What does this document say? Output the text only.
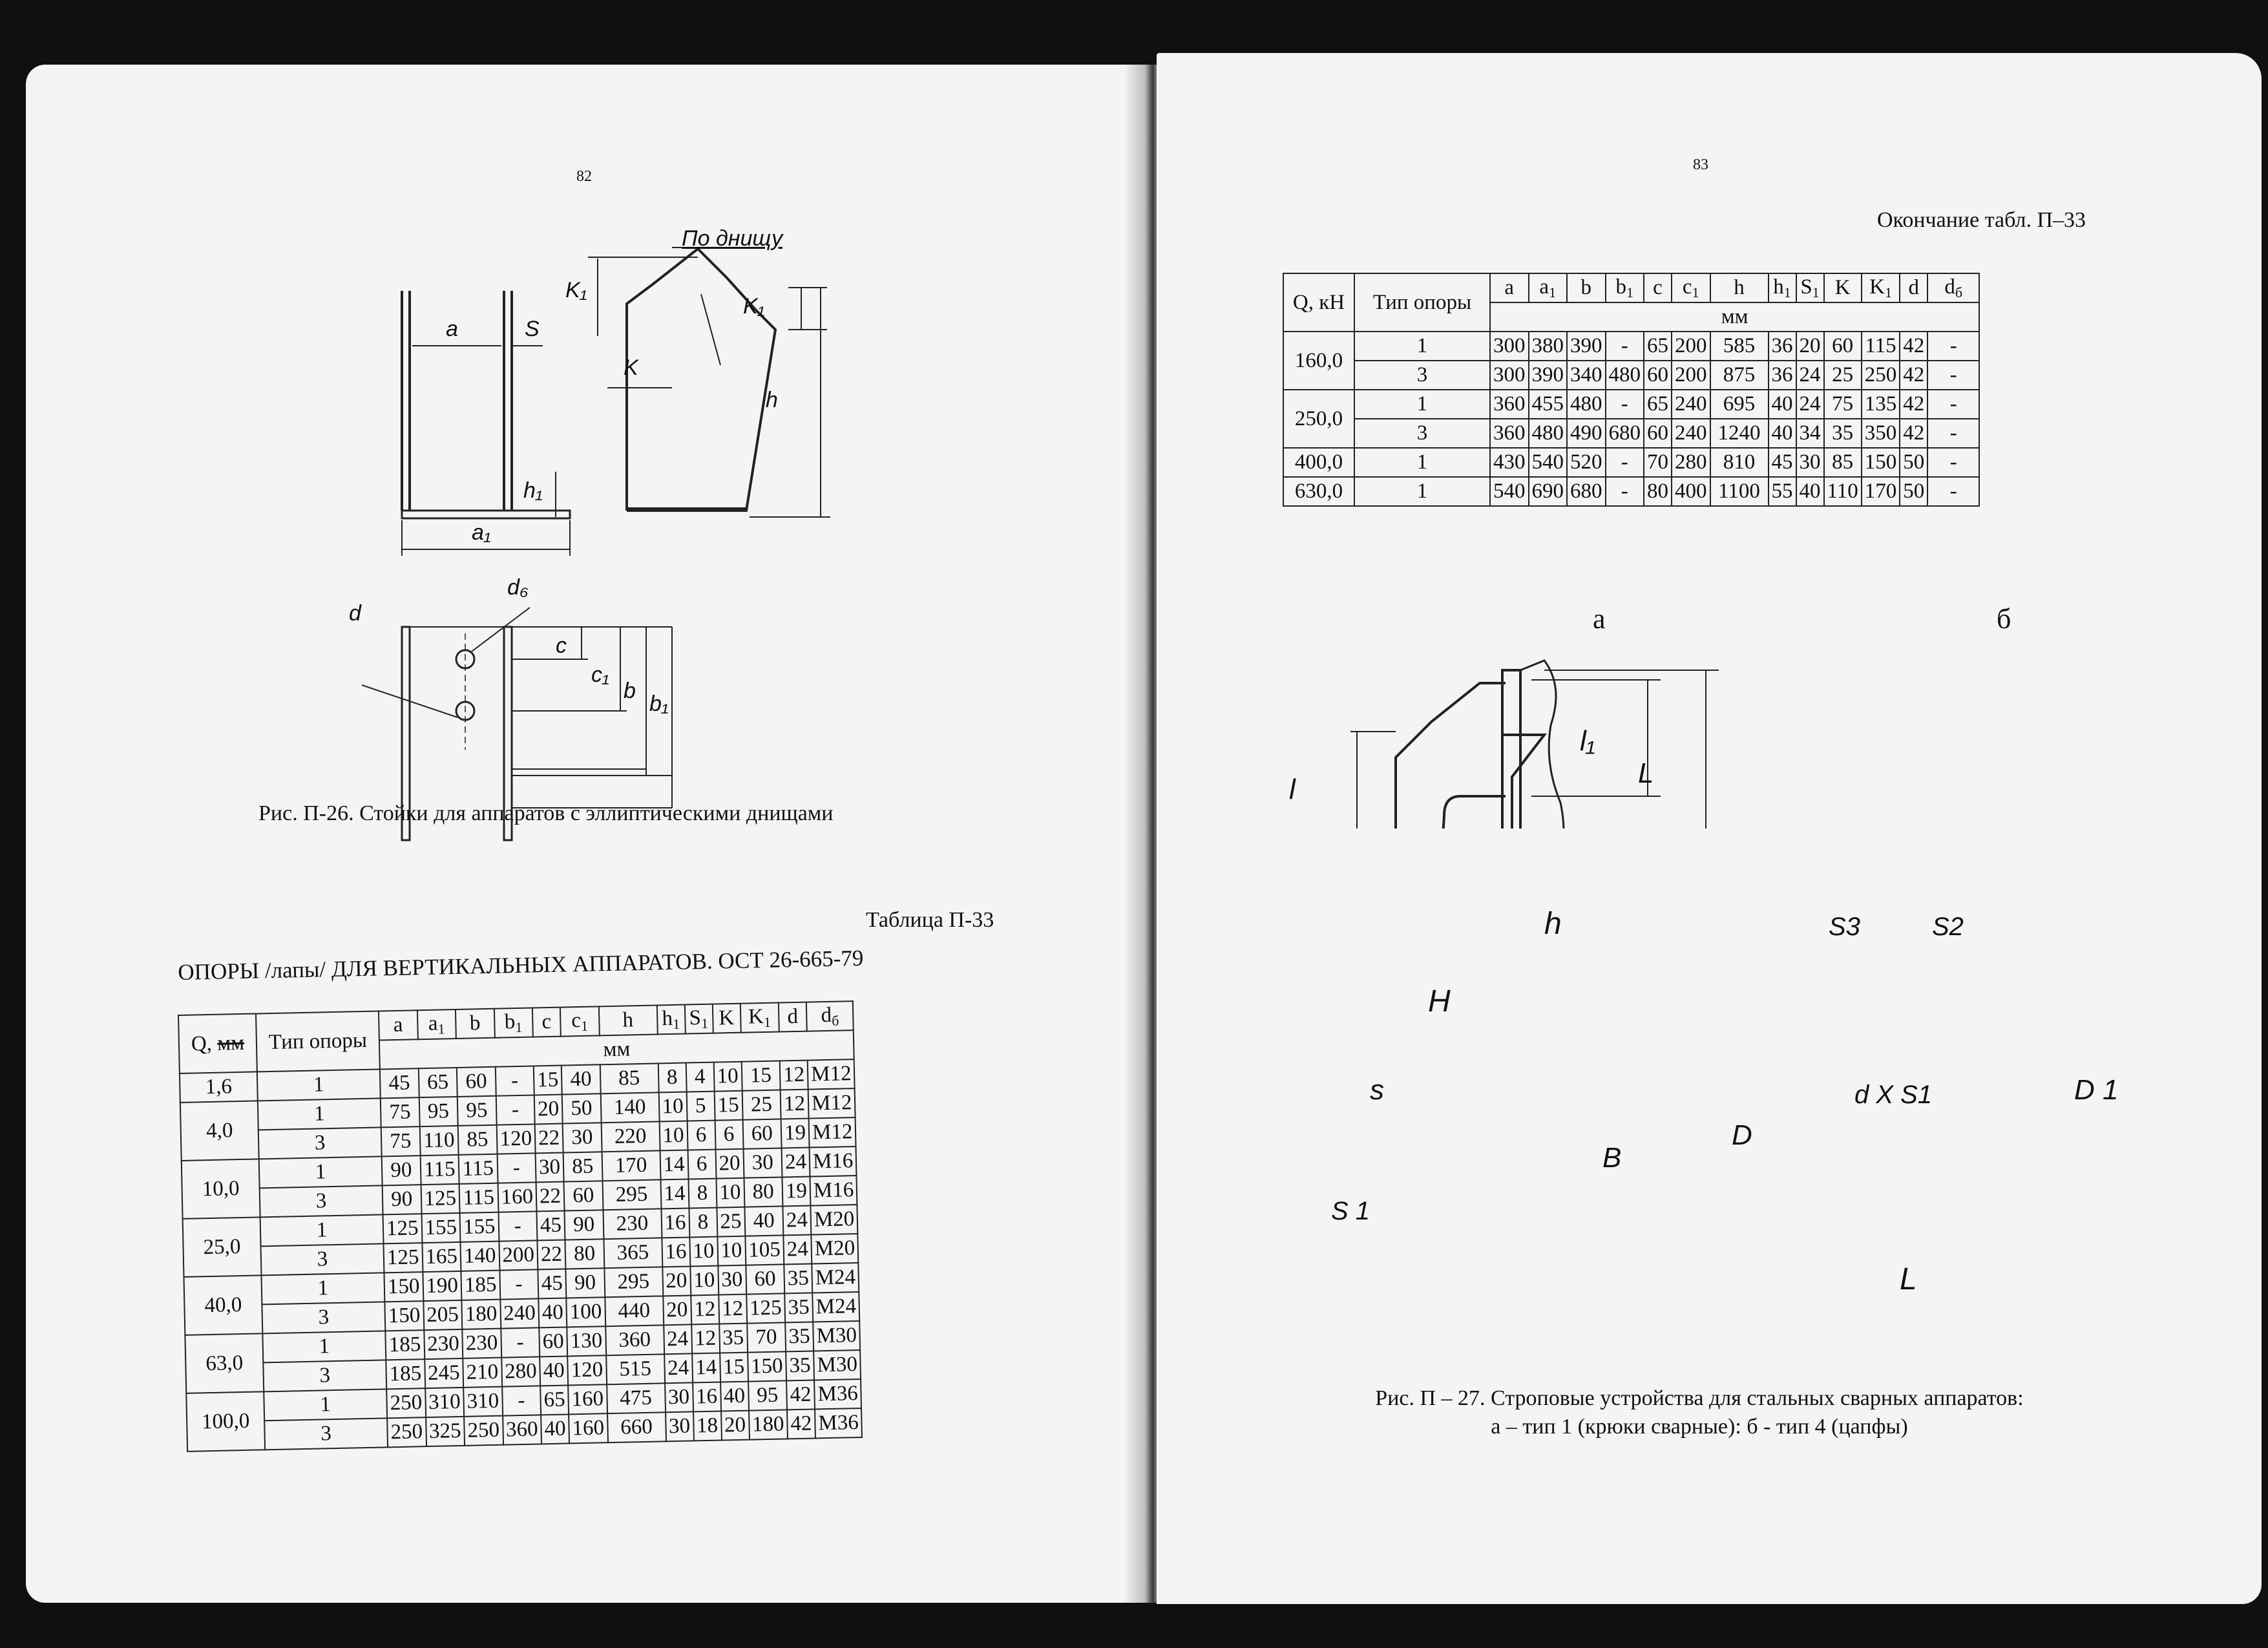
82
По днищу
a	S
a₁
h₁
K
K₁
K₁
h
d
d₆
c
c₁
b
b₁
Рис. П-26. Стойки для аппаратов с эллиптическими днищами
Таблица П-33
ОПОРЫ /лапы/ ДЛЯ ВЕРТИКАЛЬНЫХ АППАРАТОВ. ОСТ 26-665-79
Q, мм	Тип опоры	a	$a_1$	b	$b_1$	c	$c_1$	h	$h_1$	$S_1$	K	$K_1$	d	$d_б$
		мм												
1,6	1	45	65	60	-	15	40	85	8	4	10	15	12	M12
4,0	1	75	95	95	-	20	50	140	10	5	15	25	12	M12
	3	75	110	85	120	22	30	220	10	6	6	60	19	M12
10,0	1	90	115	115	-	30	85	170	14	6	20	30	24	M16
	3	90	125	115	160	22	60	295	14	8	10	80	19	M16
25,0	1	125	155	155	-	45	90	230	16	8	25	40	24	M20
	3	125	165	140	200	22	80	365	16	10	10	105	24	M20
40,0	1	150	190	185	-	45	90	295	20	10	30	60	35	M24
	3	150	205	180	240	40	100	440	20	12	12	125	35	M24
63,0	1	185	230	230	-	60	130	360	24	12	35	70	35	M30
	3	185	245	210	280	40	120	515	24	14	15	150	35	M30
100,0	1	250	310	310	-	65	160	475	30	16	40	95	42	M36
	3	250	325	250	360	40	160	660	30	18	20	180	42	M36
83
Окончание табл. П–33
Q, кН	Тип опоры	a	$a_1$	b	$b_1$	c	$c_1$	h	$h_1$	$S_1$	K	$K_1$	d	$d_б$
		мм												
160,0	1	300	380	390	-	65	200	585	36	20	60	115	42	-
	3	300	390	340	480	60	200	875	36	24	25	250	42	-
250,0	1	360	455	480	-	65	240	695	40	24	75	135	42	-
	3	360	480	490	680	60	240	1240	40	34	35	350	42	-
400,0	1	430	540	520	-	70	280	810	45	30	85	150	50	-
630,0	1	540	690	680	-	80	400	1100	55	40	110	170	50	-
а	б
l
l₁
L
h
H
s
S 1
B
S3	S2
D
d X S1	D 1
L
Рис. П – 27. Строповые устройства для стальных сварных аппаратов:
а – тип 1 (крюки сварные): б - тип 4 (цапфы)
